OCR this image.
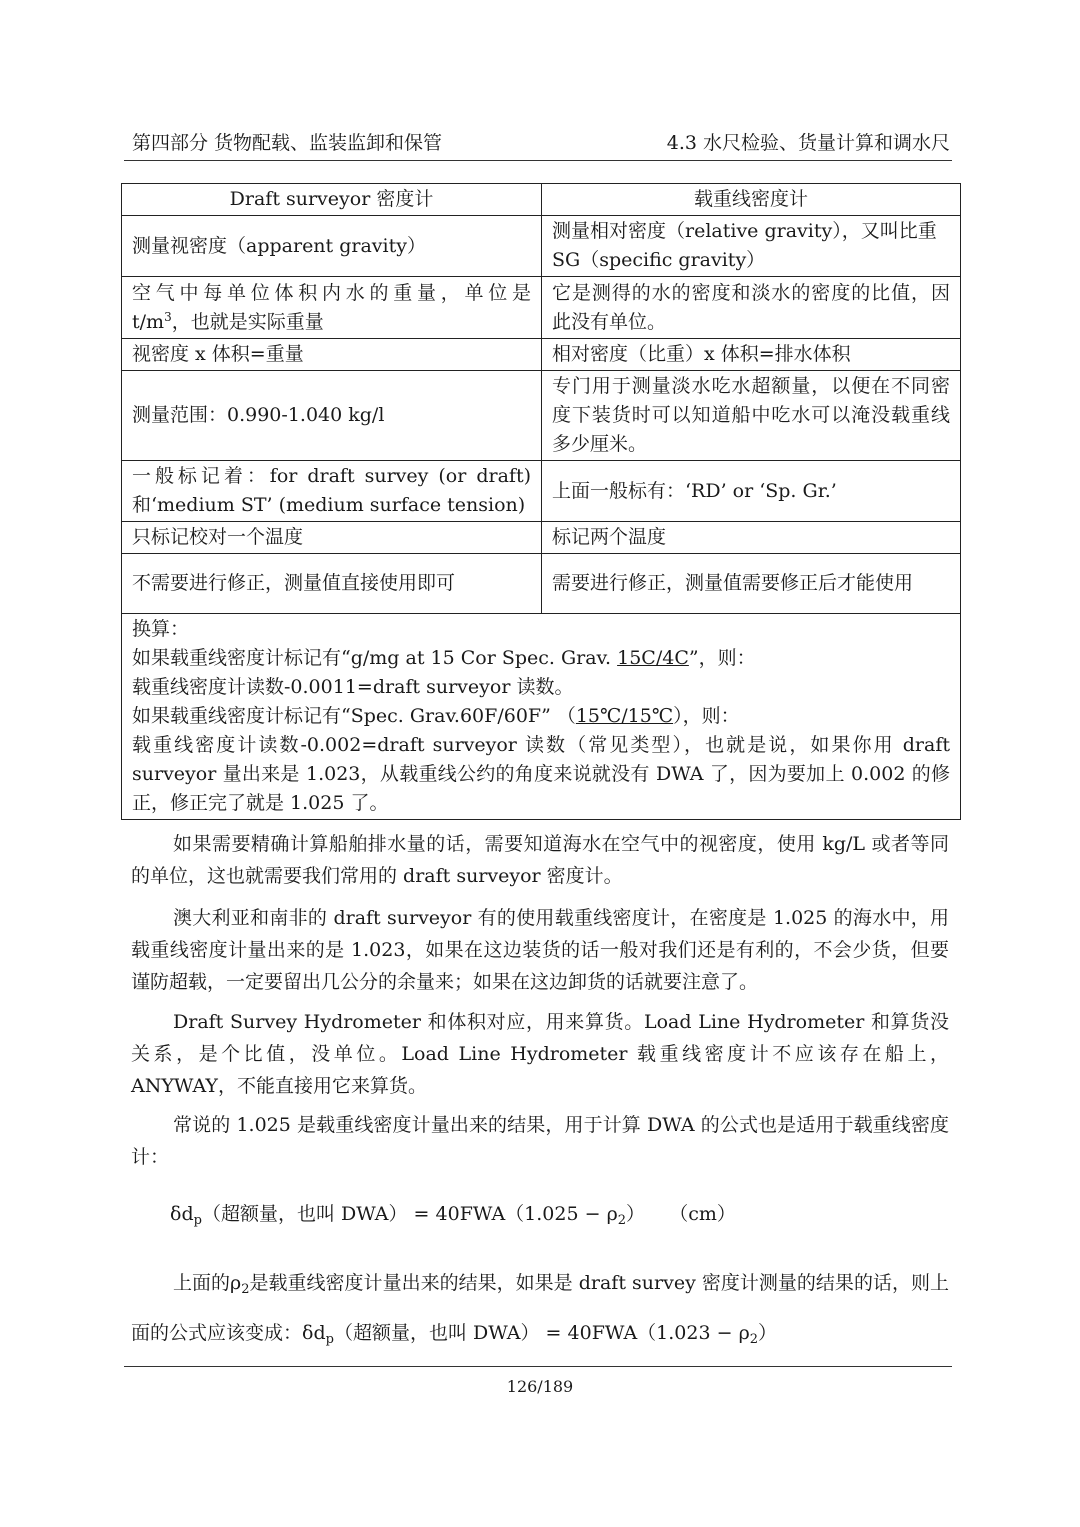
第四部分 货物配载、监装监卸和保管	4.3 水尺检验、货量计算和调水尺
Draft surveyor 密度计	载重线密度计
测量视密度（apparent gravity）	测量相对密度（relative gravity），又叫比重SG（specific gravity）

空气中每单位体积内水的重量，单位是
$t/m^3$，也就是实际重量	它是测得的水的密度和淡水的密度的比值，因此没有单位。
视密度 x 体积=重量	相对密度（比重）x 体积=排水体积
测量范围：0.990-1.040 kg/l	专门用于测量淡水吃水超额量，以便在不同密度下装货时可以知道船中吃水可以淹没载重线多少厘米。
一般标记着：for draft survey (or draft)和‘medium ST’ (medium surface tension)	上面一般标有：‘RD’ or ‘Sp. Gr.’
只标记校对一个温度	标记两个温度
不需要进行修正，测量值直接使用即可	需要进行修正，测量值需要修正后才能使用

换算：
如果载重线密度计标记有“g/mg at 15 Cor Spec. Grav. 15C/4C”，则：
载重线密度计读数-0.0011=draft surveyor 读数。
如果载重线密度计标记有“Spec. Grav.60F/60F” （15℃/15℃），则：
载重线密度计读数-0.002=draft surveyor 读数（常见类型），也就是说，如果你用 draft surveyor 量出来是 1.023，从载重线公约的角度来说就没有 DWA 了，因为要加上 0.002 的修正，修正完了就是 1.025 了。	

如果需要精确计算船舶排水量的话，需要知道海水在空气中的视密度，使用 kg/L 或者等同的单位，这也就需要我们常用的 draft surveyor 密度计。

澳大利亚和南非的 draft surveyor 有的使用载重线密度计，在密度是 1.025 的海水中，用载重线密度计量出来的是 1.023，如果在这边装货的话一般对我们还是有利的，不会少货，但要谨防超载，一定要留出几公分的余量来；如果在这边卸货的话就要注意了。

Draft Survey Hydrometer 和体积对应，用来算货。Load Line Hydrometer 和算货没关系，是个比值，没单位。Load Line Hydrometer 载重线密度计不应该存在船上，ANYWAY，不能直接用它来算货。

常说的 1.025 是载重线密度计量出来的结果，用于计算 DWA 的公式也是适用于载重线密度计：

$\delta d_p$（超额量，也叫 $DWA) = 40FWA(1.025 - \rho_2)$    （cm）

上面的$\rho_2$是载重线密度计量出来的结果，如果是 draft survey 密度计测量的结果的话，则上面的公式应该变成：$\delta d_p$（超额量，也叫 $DWA) = 40FWA(1.023 - \rho_2)$

126/189
